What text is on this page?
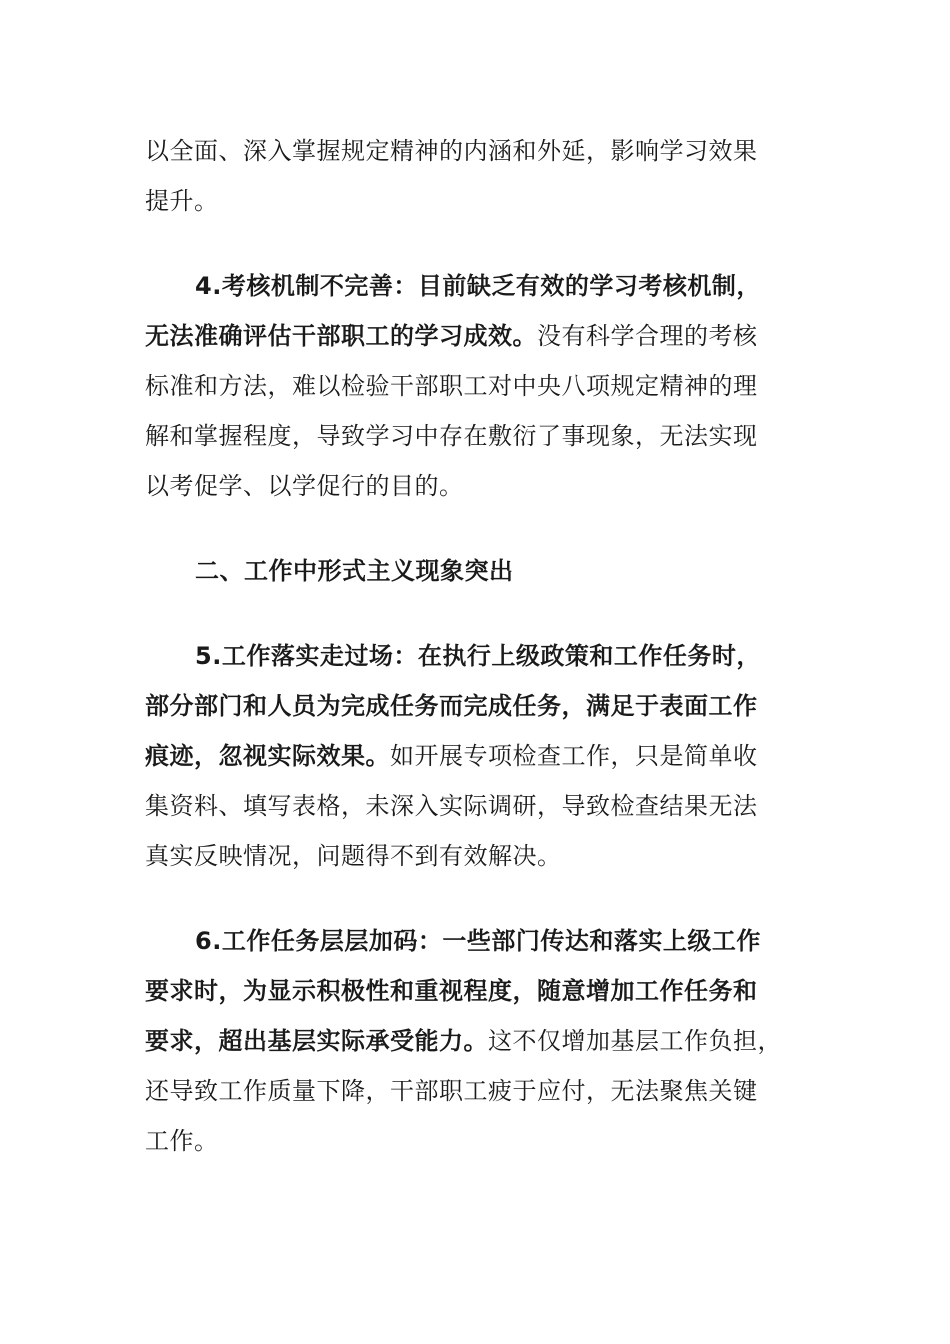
以全面、深入掌握规定精神的内涵和外延，影响学习效果
提升。
4.考核机制不完善：目前缺乏有效的学习考核机制，
无法准确评估干部职工的学习成效。没有科学合理的考核
标准和方法，难以检验干部职工对中央八项规定精神的理
解和掌握程度，导致学习中存在敷衍了事现象，无法实现
以考促学、以学促行的目的。
二、工作中形式主义现象突出
5.工作落实走过场：在执行上级政策和工作任务时，
部分部门和人员为完成任务而完成任务，满足于表面工作
痕迹，忽视实际效果。如开展专项检查工作，只是简单收
集资料、填写表格，未深入实际调研，导致检查结果无法
真实反映情况，问题得不到有效解决。
6.工作任务层层加码：一些部门传达和落实上级工作
要求时，为显示积极性和重视程度，随意增加工作任务和
要求，超出基层实际承受能力。这不仅增加基层工作负担，
还导致工作质量下降，干部职工疲于应付，无法聚焦关键
工作。
